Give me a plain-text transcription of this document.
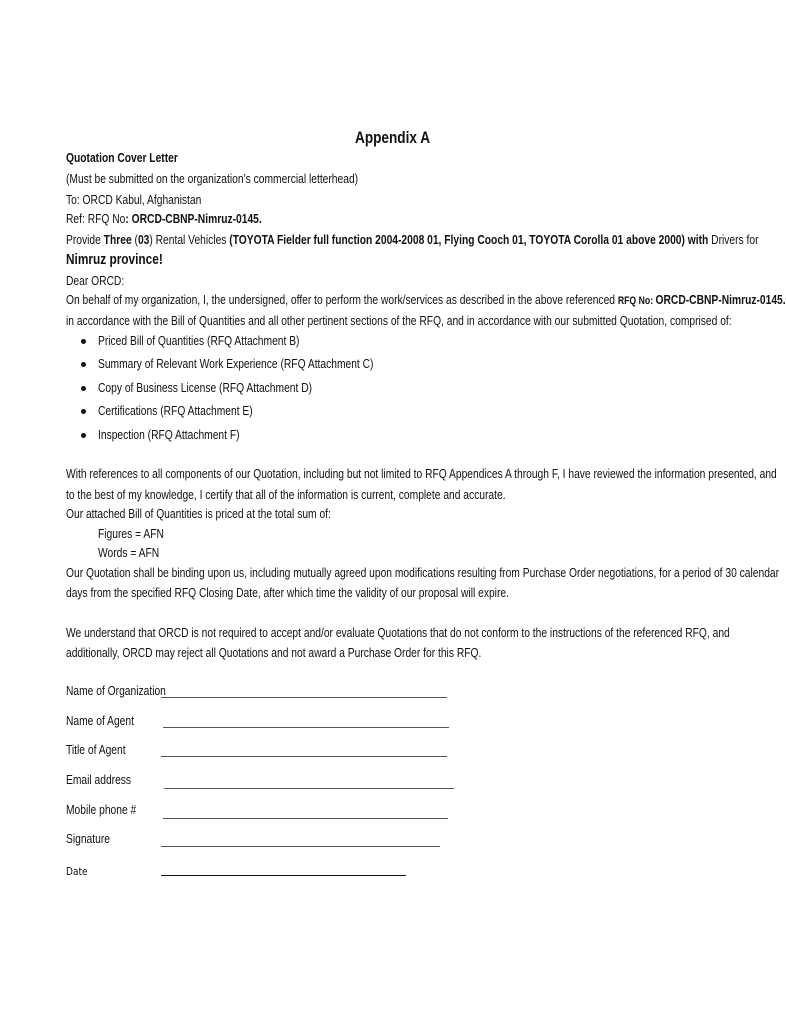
Appendix A

Quotation Cover Letter

(Must be submitted on the organization’s commercial letterhead)

To: ORCD Kabul, Afghanistan

Ref: RFQ No: ORCD-CBNP-Nimruz-0145.

Provide Three (03) Rental Vehicles (TOYOTA Fielder full function 2004-2008 01, Flying Cooch 01, TOYOTA Corolla 01 above 2000) with Drivers for

Nimruz province!

Dear ORCD:

On behalf of my organization, I, the undersigned, offer to perform the work/services as described in the above referenced RFQ No: ORCD-CBNP-Nimruz-0145.

in accordance with the Bill of Quantities and all other pertinent sections of the RFQ, and in accordance with our submitted Quotation, comprised of:

Priced Bill of Quantities (RFQ Attachment B)

Summary of Relevant Work Experience (RFQ Attachment C)

Copy of Business License (RFQ Attachment D)

Certifications (RFQ Attachment E)

Inspection (RFQ Attachment F)

With references to all components of our Quotation, including but not limited to RFQ Appendices A through F, I have reviewed the information presented, and

to the best of my knowledge, I certify that all of the information is current, complete and accurate.

Our attached Bill of Quantities is priced at the total sum of:

Figures = AFN

Words = AFN

Our Quotation shall be binding upon us, including mutually agreed upon modifications resulting from Purchase Order negotiations, for a period of 30 calendar

days from the specified RFQ Closing Date, after which time the validity of our proposal will expire.

We understand that ORCD is not required to accept and/or evaluate Quotations that do not conform to the instructions of the referenced RFQ, and

additionally, ORCD may reject all Quotations and not award a Purchase Order for this RFQ.

Name of Organization

Name of Agent

Title of Agent

Email address

Mobile phone #

Signature

Date
